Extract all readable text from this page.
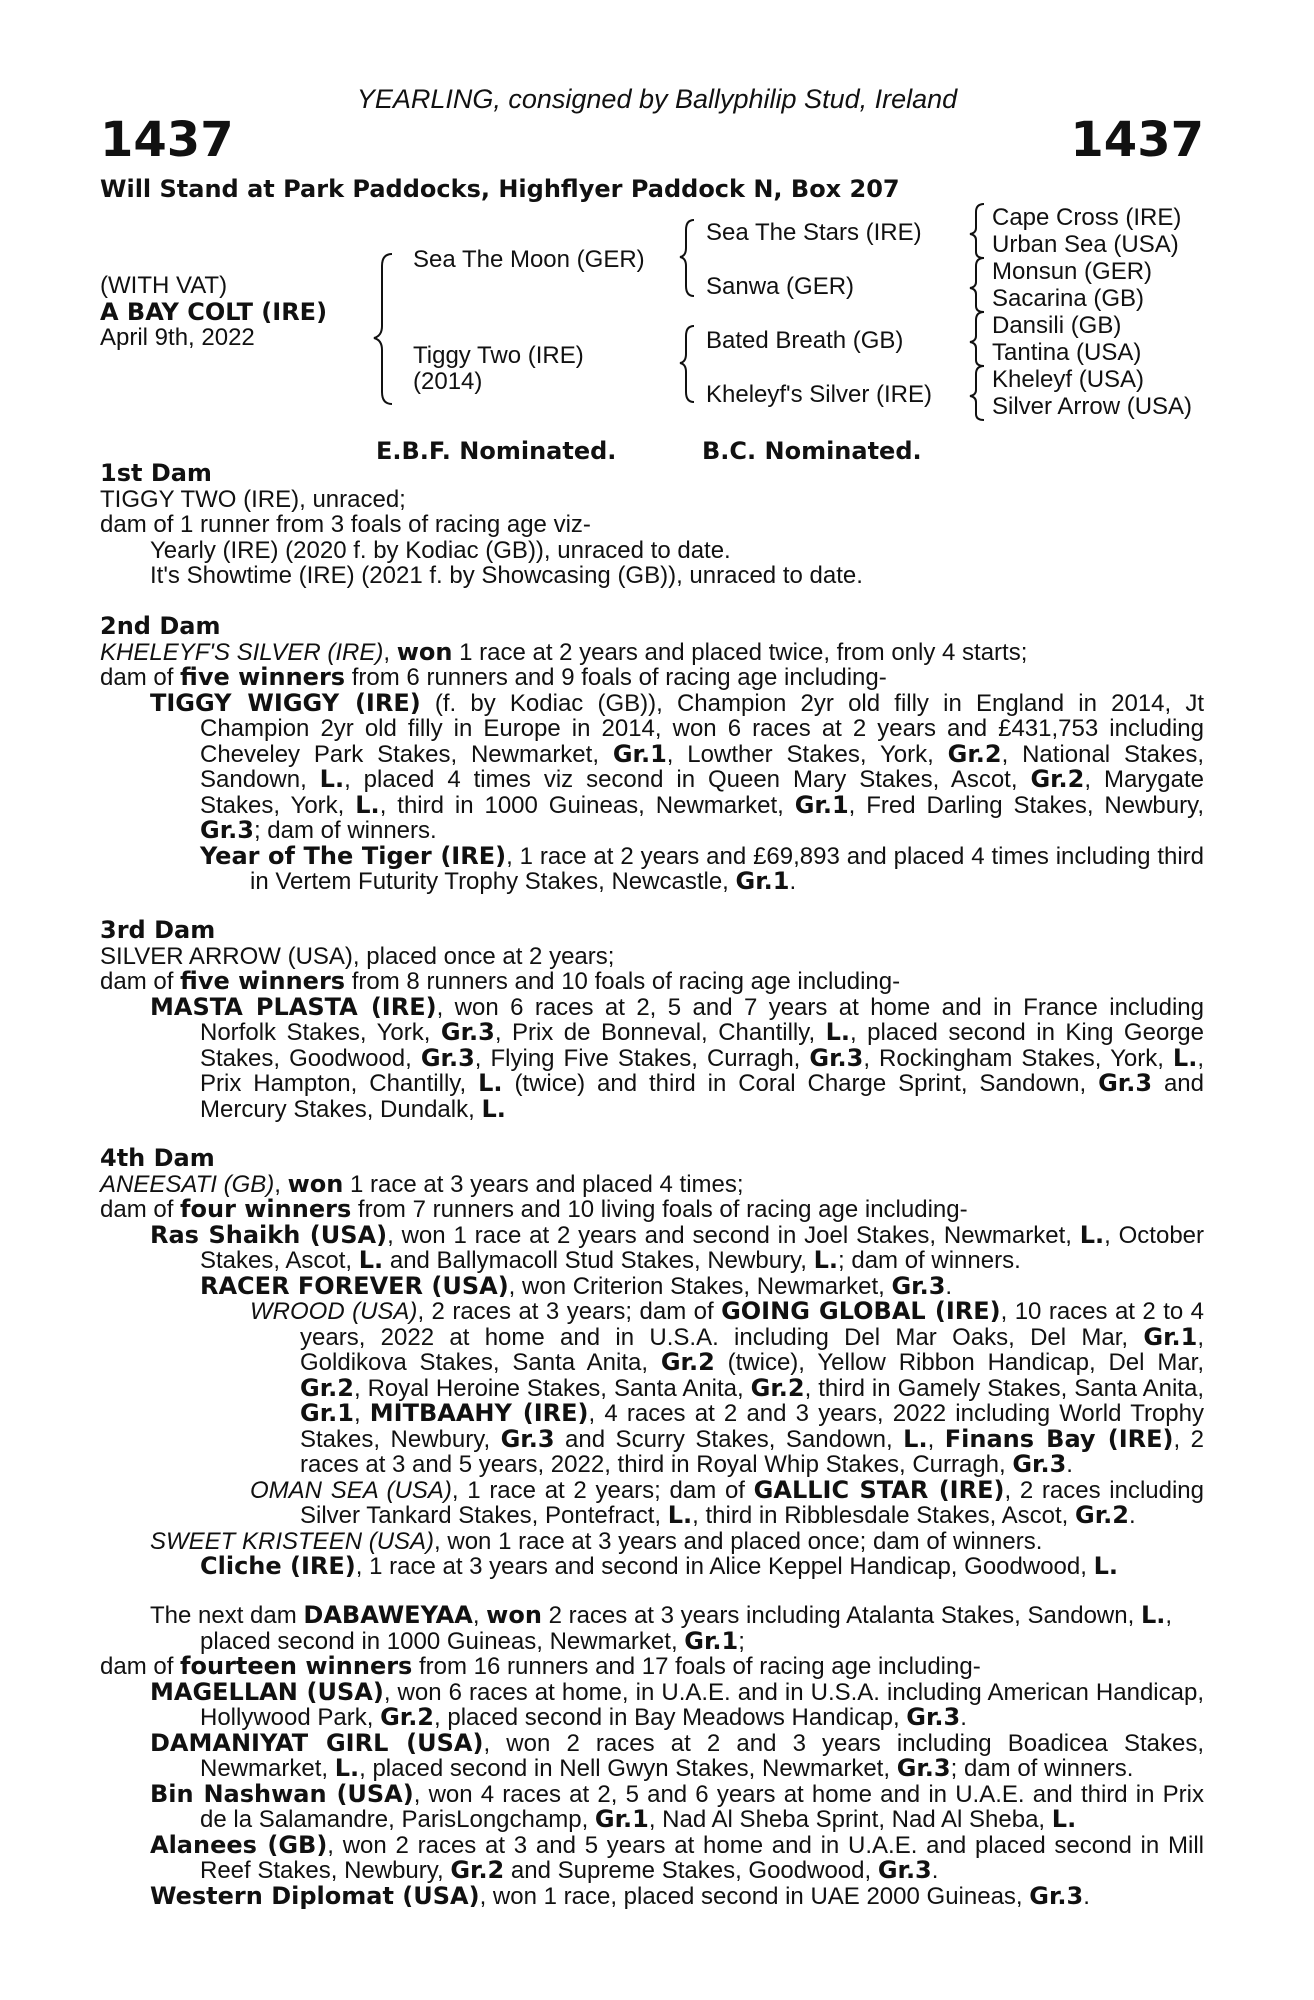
YEARLING, consigned by Ballyphilip Stud, Ireland
1437	1437
Will Stand at Park Paddocks, Highflyer Paddock N, Box 207
(WITH VAT)
A BAY COLT (IRE)
April 9th, 2022
Sea The Moon (GER)
Tiggy Two (IRE)
(2014)
Sea The Stars (IRE)
Sanwa (GER)
Bated Breath (GB)
Kheleyf's Silver (IRE)
Cape Cross (IRE)
Urban Sea (USA)
Monsun (GER)
Sacarina (GB)
Dansili (GB)
Tantina (USA)
Kheleyf (USA)
Silver Arrow (USA)
E.B.F. Nominated.	B.C. Nominated.

1st Dam

TIGGY TWO (IRE), unraced;

dam of 1 runner from 3 foals of racing age viz-

Yearly (IRE) (2020 f. by Kodiac (GB)), unraced to date.

It's Showtime (IRE) (2021 f. by Showcasing (GB)), unraced to date.

2nd Dam

KHELEYF'S SILVER (IRE), won 1 race at 2 years and placed twice, from only 4 starts;

dam of five winners from 6 runners and 9 foals of racing age including-

TIGGY WIGGY (IRE) (f. by Kodiac (GB)), Champion 2yr old filly in England in 2014, Jt Champion 2yr old filly in Europe in 2014, won 6 races at 2 years and £431,753 including Cheveley Park Stakes, Newmarket, Gr.1, Lowther Stakes, York, Gr.2, National Stakes, Sandown, L., placed 4 times viz second in Queen Mary Stakes, Ascot, Gr.2, Marygate Stakes, York, L., third in 1000 Guineas, Newmarket, Gr.1, Fred Darling Stakes, Newbury, Gr.3; dam of winners.

Year of The Tiger (IRE), 1 race at 2 years and £69,893 and placed 4 times including third in Vertem Futurity Trophy Stakes, Newcastle, Gr.1.

3rd Dam

SILVER ARROW (USA), placed once at 2 years;

dam of five winners from 8 runners and 10 foals of racing age including-

MASTA PLASTA (IRE), won 6 races at 2, 5 and 7 years at home and in France including Norfolk Stakes, York, Gr.3, Prix de Bonneval, Chantilly, L., placed second in King George Stakes, Goodwood, Gr.3, Flying Five Stakes, Curragh, Gr.3, Rockingham Stakes, York, L., Prix Hampton, Chantilly, L. (twice) and third in Coral Charge Sprint, Sandown, Gr.3 and Mercury Stakes, Dundalk, L.

4th Dam

ANEESATI (GB), won 1 race at 3 years and placed 4 times;

dam of four winners from 7 runners and 10 living foals of racing age including-

Ras Shaikh (USA), won 1 race at 2 years and second in Joel Stakes, Newmarket, L., October Stakes, Ascot, L. and Ballymacoll Stud Stakes, Newbury, L.; dam of winners.

RACER FOREVER (USA), won Criterion Stakes, Newmarket, Gr.3.

WROOD (USA), 2 races at 3 years; dam of GOING GLOBAL (IRE), 10 races at 2 to 4 years, 2022 at home and in U.S.A. including Del Mar Oaks, Del Mar, Gr.1, Goldikova Stakes, Santa Anita, Gr.2 (twice), Yellow Ribbon Handicap, Del Mar, Gr.2, Royal Heroine Stakes, Santa Anita, Gr.2, third in Gamely Stakes, Santa Anita, Gr.1, MITBAAHY (IRE), 4 races at 2 and 3 years, 2022 including World Trophy Stakes, Newbury, Gr.3 and Scurry Stakes, Sandown, L., Finans Bay (IRE), 2 races at 3 and 5 years, 2022, third in Royal Whip Stakes, Curragh, Gr.3.

OMAN SEA (USA), 1 race at 2 years; dam of GALLIC STAR (IRE), 2 races including Silver Tankard Stakes, Pontefract, L., third in Ribblesdale Stakes, Ascot, Gr.2.

SWEET KRISTEEN (USA), won 1 race at 3 years and placed once; dam of winners.

Cliche (IRE), 1 race at 3 years and second in Alice Keppel Handicap, Goodwood, L.

The next dam DABAWEYAA, won 2 races at 3 years including Atalanta Stakes, Sandown, L., placed second in 1000 Guineas, Newmarket, Gr.1;

dam of fourteen winners from 16 runners and 17 foals of racing age including-

MAGELLAN (USA), won 6 races at home, in U.A.E. and in U.S.A. including American Handicap, Hollywood Park, Gr.2, placed second in Bay Meadows Handicap, Gr.3.

DAMANIYAT GIRL (USA), won 2 races at 2 and 3 years including Boadicea Stakes, Newmarket, L., placed second in Nell Gwyn Stakes, Newmarket, Gr.3; dam of winners.

Bin Nashwan (USA), won 4 races at 2, 5 and 6 years at home and in U.A.E. and third in Prix de la Salamandre, ParisLongchamp, Gr.1, Nad Al Sheba Sprint, Nad Al Sheba, L.

Alanees (GB), won 2 races at 3 and 5 years at home and in U.A.E. and placed second in Mill Reef Stakes, Newbury, Gr.2 and Supreme Stakes, Goodwood, Gr.3.

Western Diplomat (USA), won 1 race, placed second in UAE 2000 Guineas, Gr.3.
